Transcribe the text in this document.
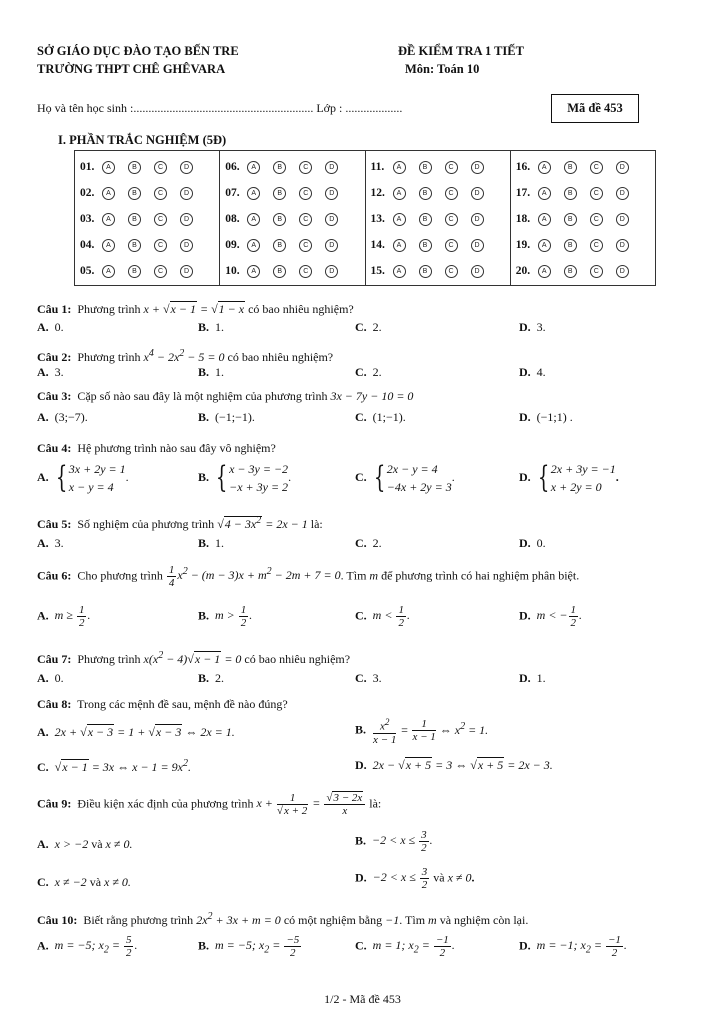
SỞ GIÁO DỤC ĐÀO TẠO BẾN TRE
TRƯỜNG THPT CHÊ GHÊVARA
ĐỀ KIỂM TRA 1 TIẾT
Môn: Toán 10
Họ và tên học sinh :............................................................ Lớp : ...................	Mã đề 453
I. PHẦN TRẮC NGHIỆM (5Đ)
01.	A	B	C	D
02.	A	B	C	D
03.	A	B	C	D
04.	A	B	C	D
05.	A	B	C	D
06.	A	B	C	D
07.	A	B	C	D
08.	A	B	C	D
09.	A	B	C	D
10.	A	B	C	D
11.	A	B	C	D
12.	A	B	C	D
13.	A	B	C	D
14.	A	B	C	D
15.	A	B	C	D
16.	A	B	C	D
17.	A	B	C	D
18.	A	B	C	D
19.	A	B	C	D
20.	A	B	C	D
Câu 1: Phương trình x + √x − 1 = √1 − x có bao nhiêu nghiệm?
A. 0.	B. 1.	C. 2.	D. 3.
Câu 2: Phương trình $x^4 - 2x^2 - 5 = 0$ có bao nhiêu nghiệm?
A. 3.	B. 1.	C. 2.	D. 4.
Câu 3: Cặp số nào sau đây là một nghiệm của phương trình 3x − 7y − 10 = 0
A. (3;−7).	B. (−1;−1).	C. (1;−1).	D. (−1;1) .
Câu 4: Hệ phương trình nào sau đây vô nghiệm?
A. { 3x + 2y = 1
x − y = 4
.	B. { x − 3y = −2
−x + 3y = 2
.	C. { 2x − y = 4
−4x + 2y = 3
.	D. { 2x + 3y = −1
x + 2y = 0
.
Câu 5: Số nghiệm của phương trình $√4 - 3x^2 = 2x - 1$ là:
A. 3.	B. 1.	C. 2.	D. 0.
Câu 6: Cho phương trình $\frac{1}{4} x^2 - (m - 3)x + m^2 - 2m + 7 = 0$. Tìm m để phương trình có hai nghiệm phân biệt.
A. $m \ge \frac{1}{2}$ .	B. $m > \frac{1}{2}$ .	C. $m < \frac{1}{2}$ .	D. m < − $\frac{1}{2}$ .
Câu 7: Phương trình $x(x^2 - 4)√x - 1 = 0$ có bao nhiêu nghiệm?
A. 0.	B. 2.	C. 3.	D. 1.
Câu 8: Trong các mệnh đề sau, mệnh đề nào đúng?
A. 2x + √x − 3 = 1 + √x − 3 ⇔ 2x = 1.	B. $\frac{x^2}{x - 1} = \frac{1}{x - 1}$ ⇔ $x^2 = 1$.
C. √x − 1 = 3x ⇔ $x - 1 = 9x^2$.	D. 2x − √x + 5 = 3 ⇔ √x + 5 = 2x − 3.
Câu 9: Điều kiện xác định của phương trình $x + \frac{1}{√x + 2} = \frac{√3 - 2x}{x}$ là:
A. x > −2 và x ≠ 0.	B. $-2 < x \le \frac{3}{2}$ .
C. x ≠ −2 và x ≠ 0.	D. $-2 < x \le \frac{3}{2}$ và x ≠ 0.
Câu 10: Biết rằng phương trình $2x^2 + 3x + m = 0$ có một nghiệm bằng −1. Tìm m và nghiệm còn lại.
A. m = −5; $x_2 = \frac{5}{2}$ .	B. m = −5; $x_2 = \frac{-5}{2}$	C. m = 1; $x_2 = \frac{-1}{2}$ .	D. m = −1; $x_2 = \frac{-1}{2}$ .
1/2 - Mã đề 453
